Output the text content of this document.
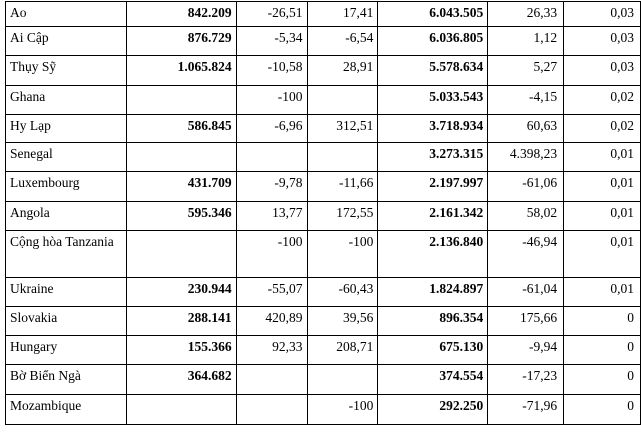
Ao	842.209	-26,51	17,41	6.043.505	26,33	0,03
Ai Cập	876.729	-5,34	-6,54	6.036.805	1,12	0,03
Thụy Sỹ	1.065.824	-10,58	28,91	5.578.634	5,27	0,03
Ghana		-100		5.033.543	-4,15	0,02
Hy Lạp	586.845	-6,96	312,51	3.718.934	60,63	0,02
Senegal				3.273.315	4.398,23	0,01
Luxembourg	431.709	-9,78	-11,66	2.197.997	-61,06	0,01
Angola	595.346	13,77	172,55	2.161.342	58,02	0,01
Cộng hòa Tanzania		-100	-100	2.136.840	-46,94	0,01
Ukraine	230.944	-55,07	-60,43	1.824.897	-61,04	0,01
Slovakia	288.141	420,89	39,56	896.354	175,66	0
Hungary	155.366	92,33	208,71	675.130	-9,94	0
Bờ Biển Ngà	364.682			374.554	-17,23	0
Mozambique			-100	292.250	-71,96	0
